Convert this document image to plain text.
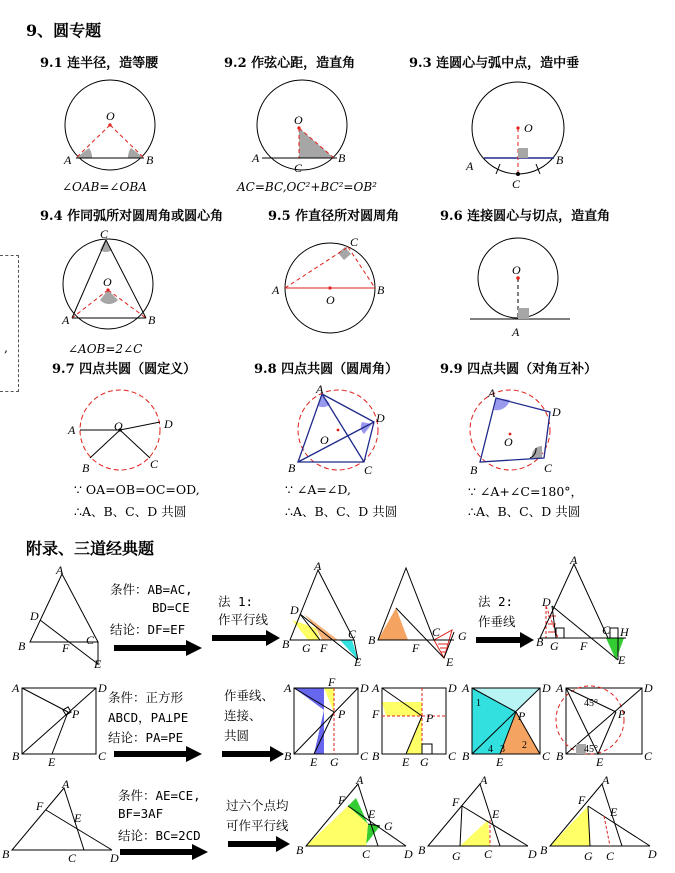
9、圆专题
9.1 连半径，造等腰	9.2 作弦心距，造直角	9.3 连圆心与弧中点，造中垂
O
A	B
∠OAB=∠OBA
O
A	B
C
AC=BC,OC²+BC²=OB²
O
A	B
C
9.4 作同弧所对圆周角或圆心角	9.5 作直径所对圆周角	9.6 连接圆心与切点，造直角
,
C
O
A	B
∠AOB=2∠C
C
A	B
O
O
A
9.7 四点共圆（圆定义）	9.8 四点共圆（圆周角）	9.9 四点共圆（对角互补）
O
A	D
B	C
∵ OA=OB=OC=OD,
∴A、B、C、D 共圆
A
D
O
B	C
∵ ∠A=∠D,
∴A、B、C、D 共圆
A
D
O
B	C
∵ ∠A+∠C=180°，
∴A、B、C、D 共圆
附录、三道经典题
A
D
B	C
F
E
条件：AB=AC,
BD=CE
结论：DF=EF
法 1:
作平行线
A
D
B G F
C
E
B
F
C G
E
法 2:
作垂线
A
D
B G F
C H
E
A	D
P
B E	C
条件：正方形
ABCD，PA⊥PE
结论：PA=PE
作垂线、
连接、
共圆
A	F D
P
B E G C
A	D
F	P
B E G C
A	D
1
P
4 3 2
B E	C
A	D
45°
P
45°
B	E	C
A
F
E
B	C	D
条件：AE=CE,
BF=3AF
结论：BC=2CD
过六个点均
可作平行线
A
F
E
G
B	C	D
A
F
E
B G C	D
A
F
E
B	G C	D
